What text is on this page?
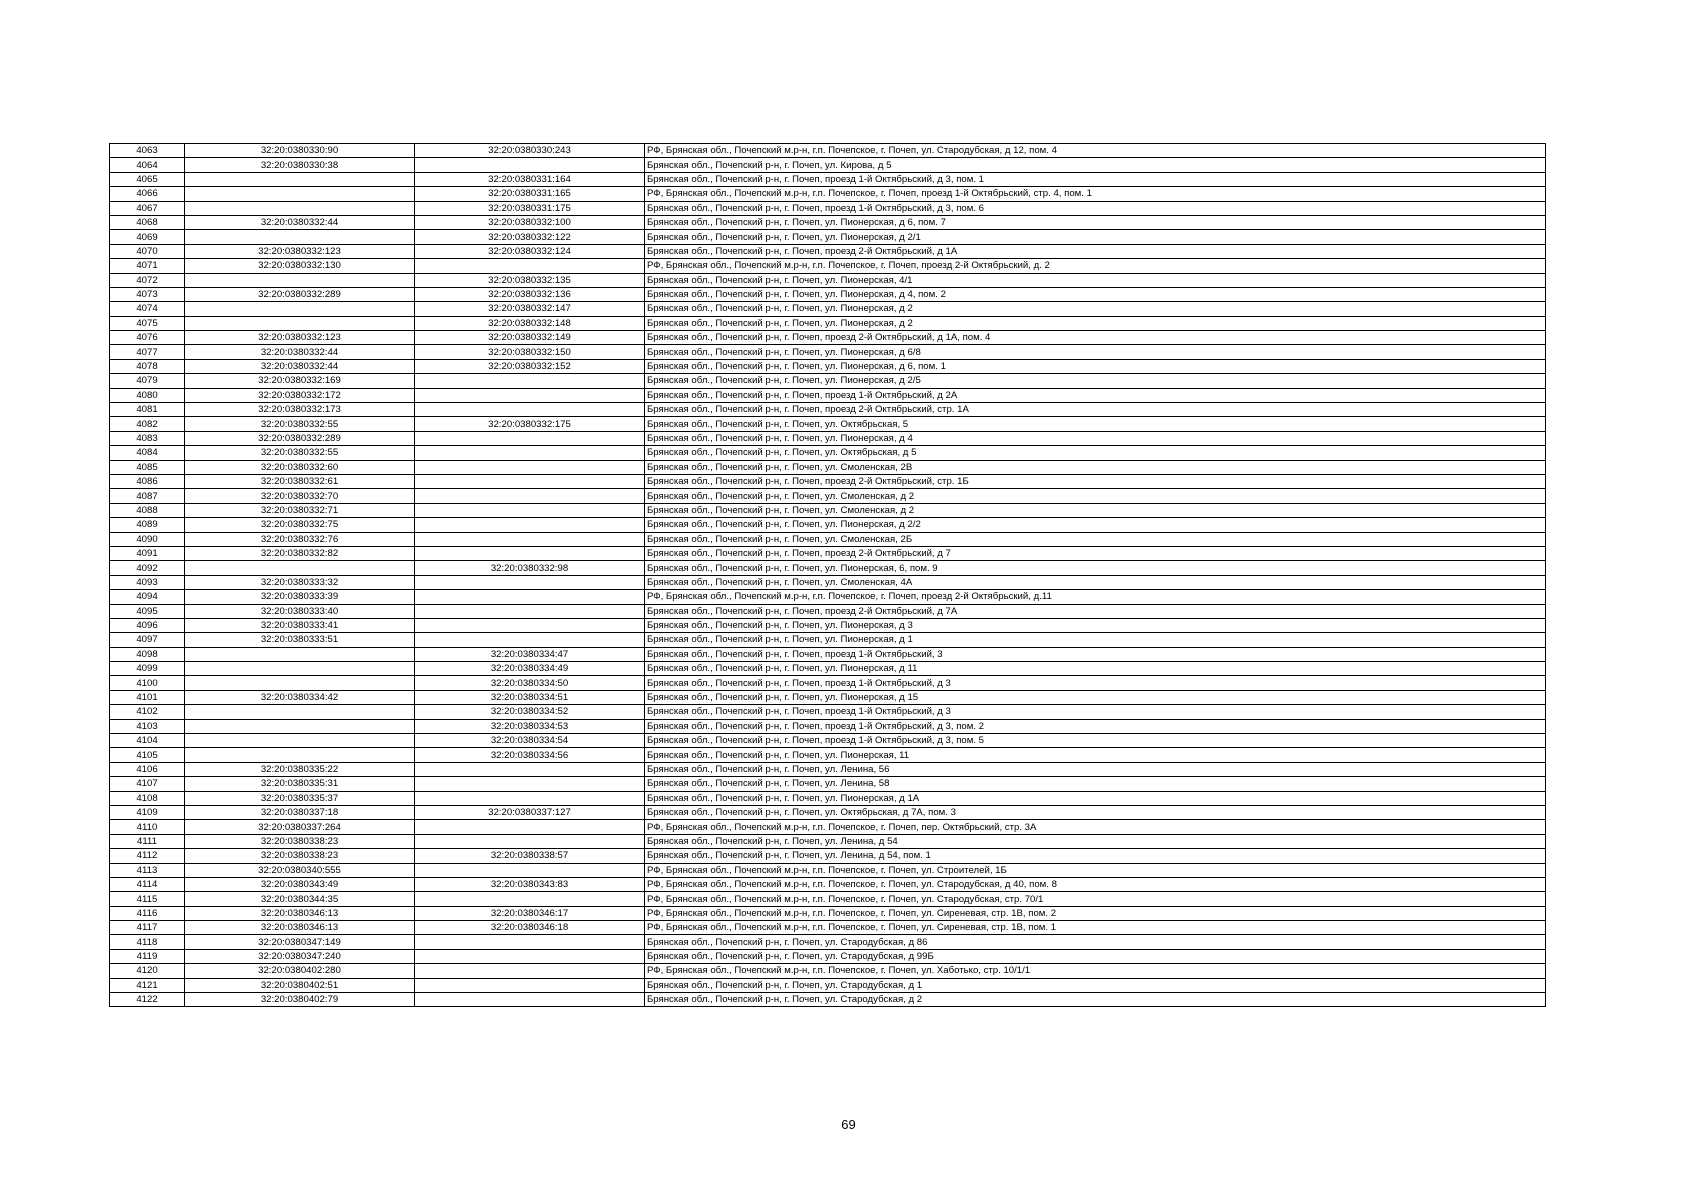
4063	32:20:0380330:90	32:20:0380330:243	РФ, Брянская обл., Почепский м.р-н, г.п. Почепское, г. Почеп, ул. Стародубская, д 12, пом. 4
4064	32:20:0380330:38		Брянская обл., Почепский р-н, г. Почеп, ул. Кирова, д 5
4065		32:20:0380331:164	Брянская обл., Почепский р-н, г. Почеп, проезд 1-й Октябрьский, д 3, пом. 1
4066		32:20:0380331:165	РФ, Брянская обл., Почепский м.р-н, г.п. Почепское, г. Почеп, проезд 1-й Октябрьский, стр. 4, пом. 1
4067		32:20:0380331:175	Брянская обл., Почепский р-н, г. Почеп, проезд 1-й Октябрьский, д 3, пом. 6
4068	32:20:0380332:44	32:20:0380332:100	Брянская обл., Почепский р-н, г. Почеп, ул. Пионерская, д 6, пом. 7
4069		32:20:0380332:122	Брянская обл., Почепский р-н, г. Почеп, ул. Пионерская, д 2/1
4070	32:20:0380332:123	32:20:0380332:124	Брянская обл., Почепский р-н, г. Почеп, проезд 2-й Октябрьский, д 1А
4071	32:20:0380332:130		РФ, Брянская обл., Почепский м.р-н, г.п. Почепское, г. Почеп, проезд 2-й Октябрьский, д. 2
4072		32:20:0380332:135	Брянская обл., Почепский р-н, г. Почеп, ул. Пионерская, 4/1
4073	32:20:0380332:289	32:20:0380332:136	Брянская обл., Почепский р-н, г. Почеп, ул. Пионерская, д 4, пом. 2
4074		32:20:0380332:147	Брянская обл., Почепский р-н, г. Почеп, ул. Пионерская, д 2
4075		32:20:0380332:148	Брянская обл., Почепский р-н, г. Почеп, ул. Пионерская, д 2
4076	32:20:0380332:123	32:20:0380332:149	Брянская обл., Почепский р-н, г. Почеп, проезд 2-й Октябрьский, д 1А, пом. 4
4077	32:20:0380332:44	32:20:0380332:150	Брянская обл., Почепский р-н, г. Почеп, ул. Пионерская, д 6/8
4078	32:20:0380332:44	32:20:0380332:152	Брянская обл., Почепский р-н, г. Почеп, ул. Пионерская, д 6, пом. 1
4079	32:20:0380332:169		Брянская обл., Почепский р-н, г. Почеп, ул. Пионерская, д 2/5
4080	32:20:0380332:172		Брянская обл., Почепский р-н, г. Почеп, проезд 1-й Октябрьский, д 2А
4081	32:20:0380332:173		Брянская обл., Почепский р-н, г. Почеп, проезд 2-й Октябрьский, стр. 1А
4082	32:20:0380332:55	32:20:0380332:175	Брянская обл., Почепский р-н, г. Почеп, ул. Октябрьская, 5
4083	32:20:0380332:289		Брянская обл., Почепский р-н, г. Почеп, ул. Пионерская, д 4
4084	32:20:0380332:55		Брянская обл., Почепский р-н, г. Почеп, ул. Октябрьская, д 5
4085	32:20:0380332:60		Брянская обл., Почепский р-н, г. Почеп, ул. Смоленская, 2В
4086	32:20:0380332:61		Брянская обл., Почепский р-н, г. Почеп, проезд 2-й Октябрьский, стр. 1Б
4087	32:20:0380332:70		Брянская обл., Почепский р-н, г. Почеп, ул. Смоленская, д 2
4088	32:20:0380332:71		Брянская обл., Почепский р-н, г. Почеп, ул. Смоленская, д 2
4089	32:20:0380332:75		Брянская обл., Почепский р-н, г. Почеп, ул. Пионерская, д 2/2
4090	32:20:0380332:76		Брянская обл., Почепский р-н, г. Почеп, ул. Смоленская, 2Б
4091	32:20:0380332:82		Брянская обл., Почепский р-н, г. Почеп, проезд 2-й Октябрьский, д 7
4092		32:20:0380332:98	Брянская обл., Почепский р-н, г. Почеп, ул. Пионерская, 6, пом. 9
4093	32:20:0380333:32		Брянская обл., Почепский р-н, г. Почеп, ул. Смоленская, 4А
4094	32:20:0380333:39		РФ, Брянская обл., Почепский м.р-н, г.п. Почепское, г. Почеп, проезд 2-й Октябрьский, д.11
4095	32:20:0380333:40		Брянская обл., Почепский р-н, г. Почеп, проезд 2-й Октябрьский, д 7А
4096	32:20:0380333:41		Брянская обл., Почепский р-н, г. Почеп, ул. Пионерская, д 3
4097	32:20:0380333:51		Брянская обл., Почепский р-н, г. Почеп, ул. Пионерская, д 1
4098		32:20:0380334:47	Брянская обл., Почепский р-н, г. Почеп, проезд 1-й Октябрьский, 3
4099		32:20:0380334:49	Брянская обл., Почепский р-н, г. Почеп, ул. Пионерская, д 11
4100		32:20:0380334:50	Брянская обл., Почепский р-н, г. Почеп, проезд 1-й Октябрьский, д 3
4101	32:20:0380334:42	32:20:0380334:51	Брянская обл., Почепский р-н, г. Почеп, ул. Пионерская, д 15
4102		32:20:0380334:52	Брянская обл., Почепский р-н, г. Почеп, проезд 1-й Октябрьский, д 3
4103		32:20:0380334:53	Брянская обл., Почепский р-н, г. Почеп, проезд 1-й Октябрьский, д 3, пом. 2
4104		32:20:0380334:54	Брянская обл., Почепский р-н, г. Почеп, проезд 1-й Октябрьский, д 3, пом. 5
4105		32:20:0380334:56	Брянская обл., Почепский р-н, г. Почеп, ул. Пионерская, 11
4106	32:20:0380335:22		Брянская обл., Почепский р-н, г. Почеп, ул. Ленина, 56
4107	32:20:0380335:31		Брянская обл., Почепский р-н, г. Почеп, ул. Ленина, 58
4108	32:20:0380335:37		Брянская обл., Почепский р-н, г. Почеп, ул. Пионерская, д 1А
4109	32:20:0380337:18	32:20:0380337:127	Брянская обл., Почепский р-н, г. Почеп, ул. Октябрьская, д 7А, пом. 3
4110	32:20:0380337:264		РФ, Брянская обл., Почепский м.р-н, г.п. Почепское, г. Почеп, пер. Октябрьский, стр. 3А
4111	32:20:0380338:23		Брянская обл., Почепский р-н, г. Почеп, ул. Ленина, д 54
4112	32:20:0380338:23	32:20:0380338:57	Брянская обл., Почепский р-н, г. Почеп, ул. Ленина, д 54, пом. 1
4113	32:20:0380340:555		РФ, Брянская обл., Почепский м.р-н, г.п. Почепское, г. Почеп, ул. Строителей, 1Б
4114	32:20:0380343:49	32:20:0380343:83	РФ, Брянская обл., Почепский м.р-н, г.п. Почепское, г. Почеп, ул. Стародубская, д 40, пом. 8
4115	32:20:0380344:35		РФ, Брянская обл., Почепский м.р-н, г.п. Почепское, г. Почеп, ул. Стародубская, стр. 70/1
4116	32:20:0380346:13	32:20:0380346:17	РФ, Брянская обл., Почепский м.р-н, г.п. Почепское, г. Почеп, ул. Сиреневая, стр. 1В, пом. 2
4117	32:20:0380346:13	32:20:0380346:18	РФ, Брянская обл., Почепский м.р-н, г.п. Почепское, г. Почеп, ул. Сиреневая, стр. 1В, пом. 1
4118	32:20:0380347:149		Брянская обл., Почепский р-н, г. Почеп, ул. Стародубская, д 86
4119	32:20:0380347:240		Брянская обл., Почепский р-н, г. Почеп, ул. Стародубская, д 99Б
4120	32:20:0380402:280		РФ, Брянская обл., Почепский м.р-н, г.п. Почепское, г. Почеп, ул. Хаботько, стр. 10/1/1
4121	32:20:0380402:51		Брянская обл., Почепский р-н, г. Почеп, ул. Стародубская, д 1
4122	32:20:0380402:79		Брянская обл., Почепский р-н, г. Почеп, ул. Стародубская, д 2
69
